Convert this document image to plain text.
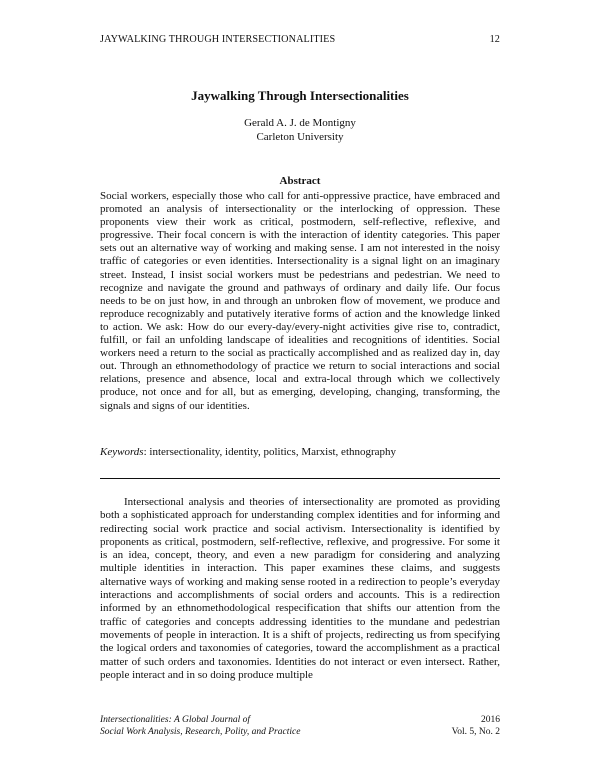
JAYWALKING THROUGH INTERSECTIONALITIES	12
Jaywalking Through Intersectionalities
Gerald A. J. de Montigny
Carleton University
Abstract

Social workers, especially those who call for anti-oppressive practice, have embraced and promoted an analysis of intersectionality or the interlocking of oppression. These proponents view their work as critical, postmodern, self-reflective, reflexive, and progressive. Their focal concern is with the interaction of identity categories. This paper sets out an alternative way of working and making sense. I am not interested in the noisy traffic of categories or even identities. Intersectionality is a signal light on an imaginary street. Instead, I insist social workers must be pedestrians and pedestrian. We need to recognize and navigate the ground and pathways of ordinary and daily life. Our focus needs to be on just how, in and through an unbroken flow of movement, we produce and reproduce recognizably and putatively iterative forms of action and the knowledge linked to action. We ask: How do our every-day/every-night activities give rise to, contradict, fulfill, or fail an unfolding landscape of idealities and recognitions of identities. Social workers need a return to the social as practically accomplished and as realized day in, day out. Through an ethnomethodology of practice we return to social interactions and social relations, presence and absence, local and extra-local through which we collectively produce, not once and for all, but as emerging, developing, changing, transforming, the signals and signs of our identities.

Keywords: intersectionality, identity, politics, Marxist, ethnography

Intersectional analysis and theories of intersectionality are promoted as providing both a sophisticated approach for understanding complex identities and for informing and redirecting social work practice and social activism. Intersectionality is identified by proponents as critical, postmodern, self-reflective, reflexive, and progressive. For some it is an idea, concept, theory, and even a new paradigm for considering and analyzing multiple identities in interaction. This paper examines these claims, and suggests alternative ways of working and making sense rooted in a redirection to people’s everyday interactions and accomplishments of social orders and accounts. This is a redirection informed by an ethnomethodological respecification that shifts our attention from the traffic of categories and concepts addressing identities to the mundane and pedestrian movements of people in interaction. It is a shift of projects, redirecting us from specifying the logical orders and taxonomies of categories, toward the accomplishment as a practical matter of such orders and taxonomies. Identities do not interact or even intersect. Rather, people interact and in so doing produce multiple

Intersectionalities: A Global Journal of
Social Work Analysis, Research, Polity, and Practice
2016
Vol. 5, No. 2
